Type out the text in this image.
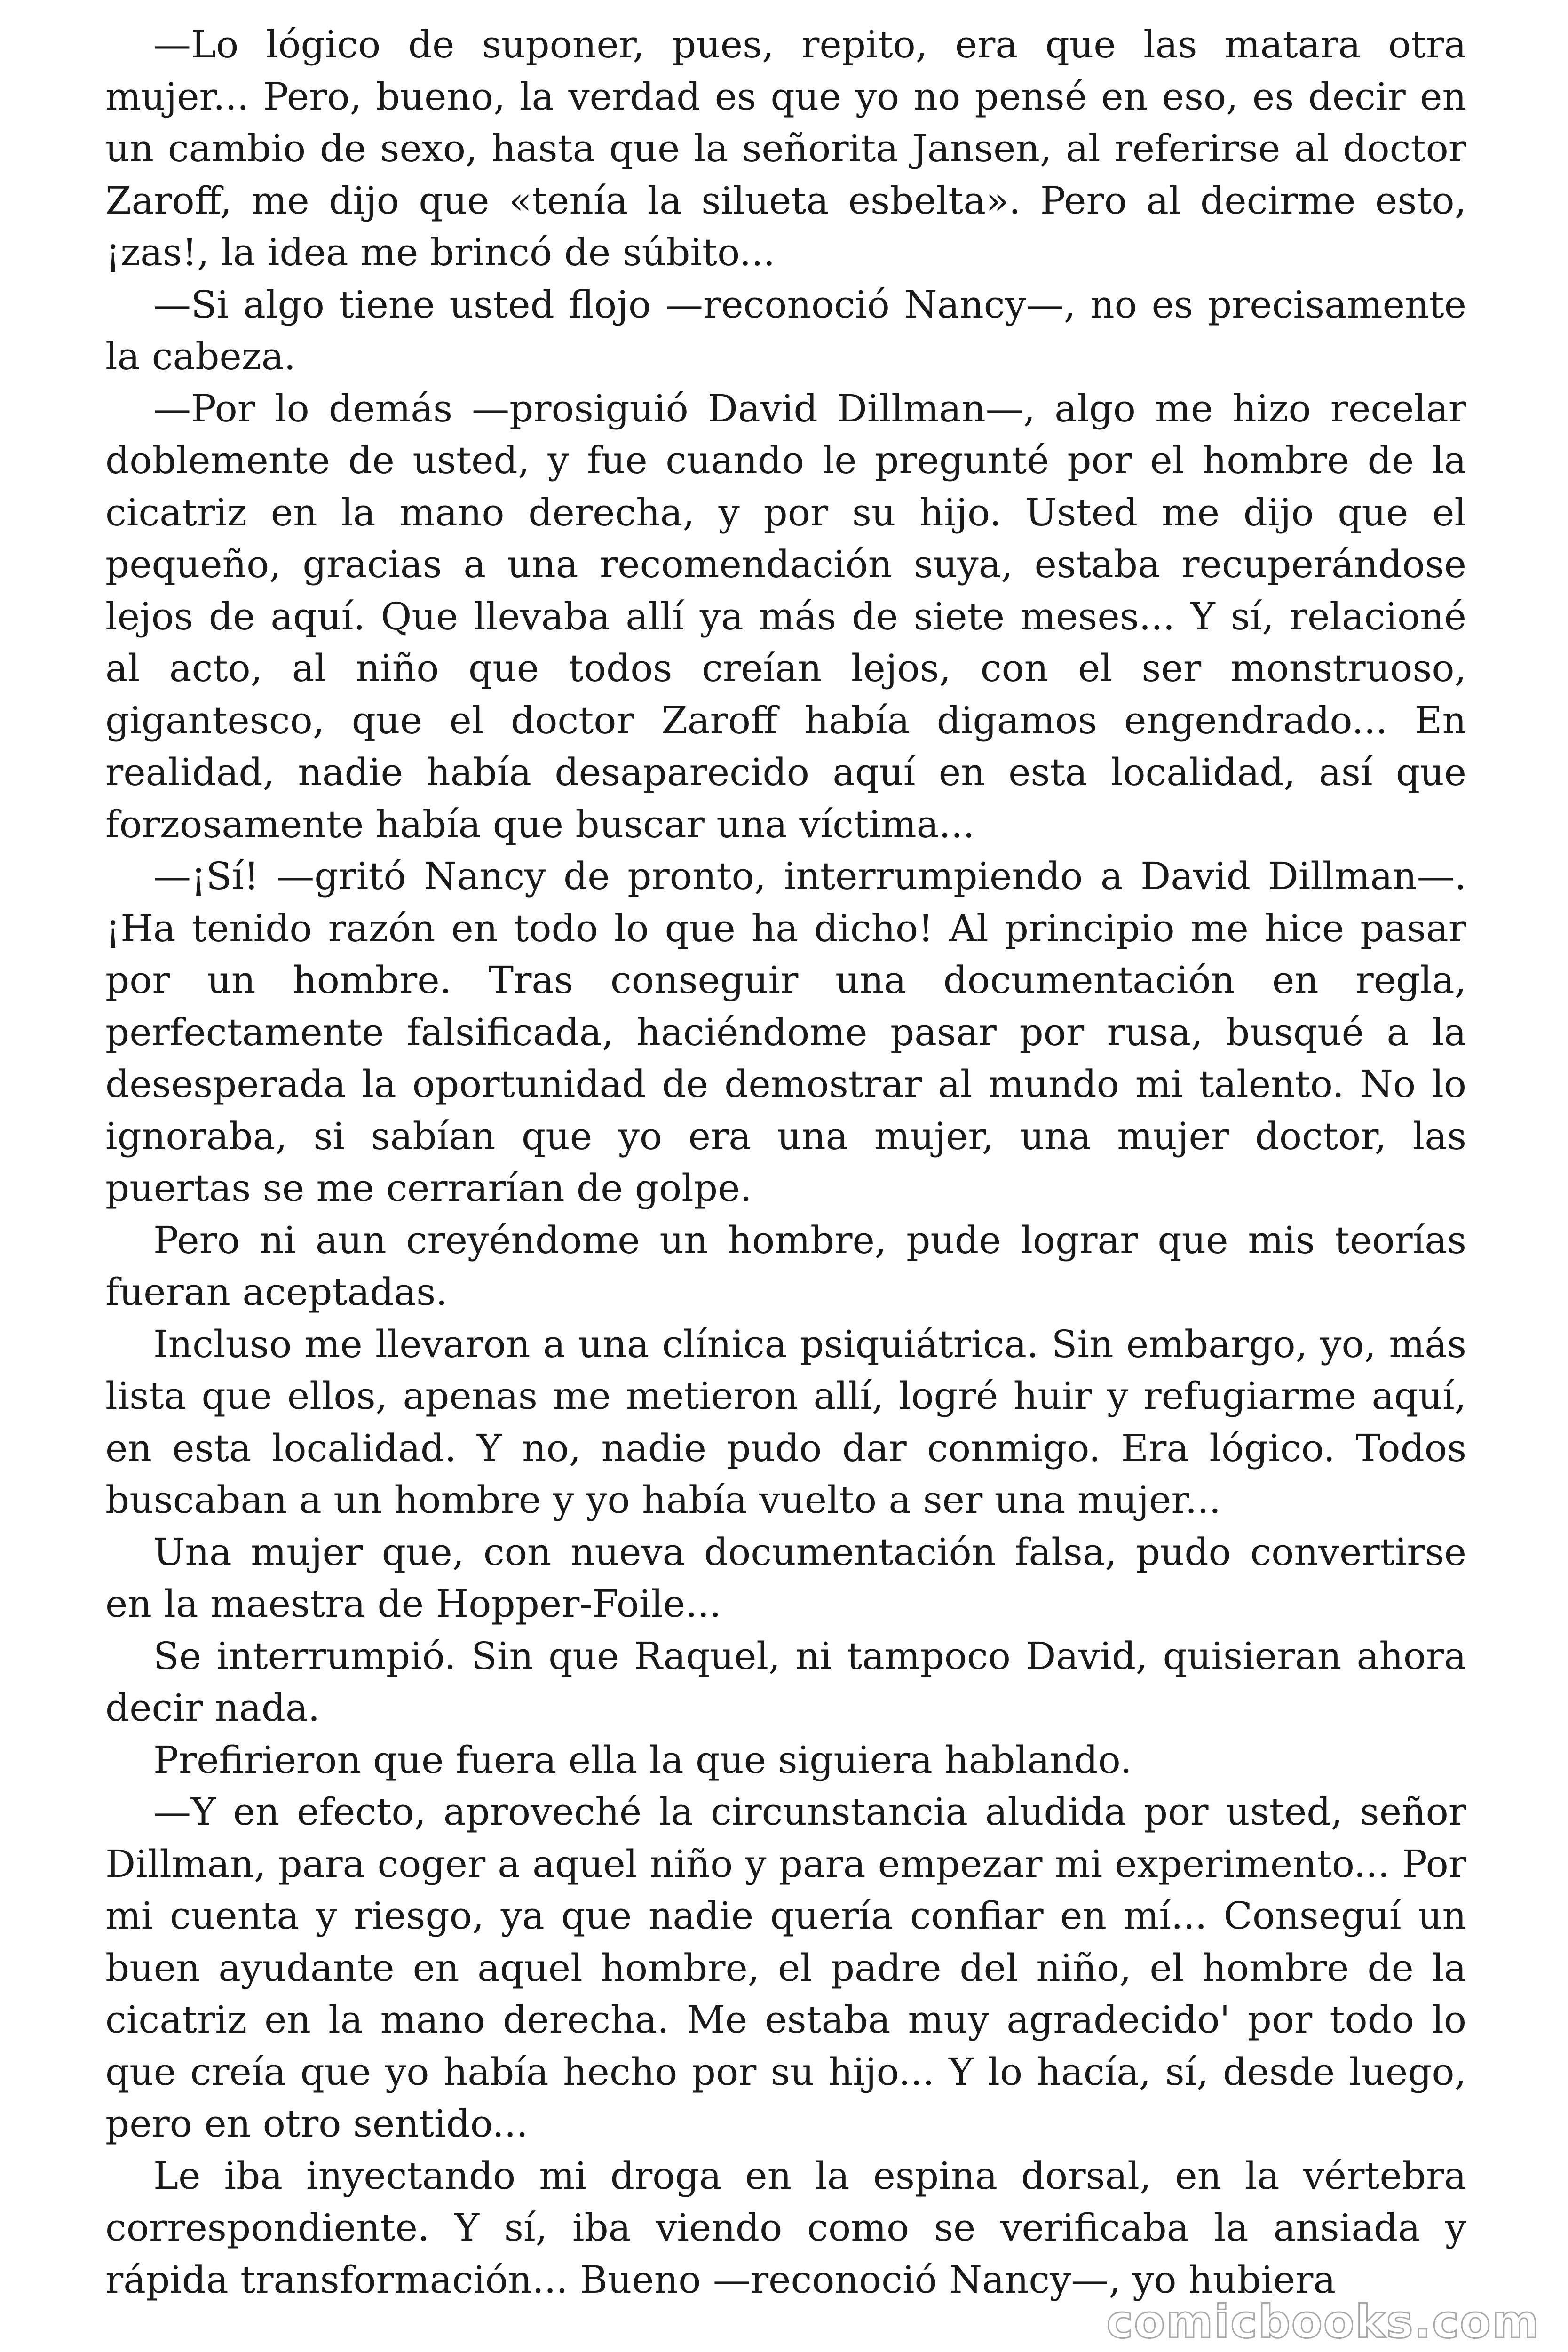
—Lo lógico de suponer, pues, repito, era que las matara otra mujer... Pero, bueno, la verdad es que yo no pensé en eso, es decir en un cambio de sexo, hasta que la señorita Jansen, al referirse al doctor Zaroff, me dijo que «tenía la silueta esbelta». Pero al decirme esto, ¡zas!, la idea me brincó de súbito...

—Si algo tiene usted flojo —reconoció Nancy—, no es precisamente la cabeza.

—Por lo demás —prosiguió David Dillman—, algo me hizo recelar doblemente de usted, y fue cuando le pregunté por el hombre de la cicatriz en la mano derecha, y por su hijo. Usted me dijo que el pequeño, gracias a una recomendación suya, estaba recuperándose lejos de aquí. Que llevaba allí ya más de siete meses... Y sí, relacioné al acto, al niño que todos creían lejos, con el ser monstruoso, gigantesco, que el doctor Zaroff había digamos engendrado... En realidad, nadie había desaparecido aquí en esta localidad, así que forzosamente había que buscar una víctima...

—¡Sí! —gritó Nancy de pronto, interrumpiendo a David Dillman—. ¡Ha tenido razón en todo lo que ha dicho! Al principio me hice pasar por un hombre. Tras conseguir una documentación en regla, perfectamente falsificada, haciéndome pasar por rusa, busqué a la desesperada la oportunidad de demostrar al mundo mi talento. No lo ignoraba, si sabían que yo era una mujer, una mujer doctor, las puertas se me cerrarían de golpe.

Pero ni aun creyéndome un hombre, pude lograr que mis teorías fueran aceptadas.

Incluso me llevaron a una clínica psiquiátrica. Sin embargo, yo, más lista que ellos, apenas me metieron allí, logré huir y refugiarme aquí, en esta localidad. Y no, nadie pudo dar conmigo. Era lógico. Todos buscaban a un hombre y yo había vuelto a ser una mujer...

Una mujer que, con nueva documentación falsa, pudo convertirse en la maestra de Hopper-Foile...

Se interrumpió. Sin que Raquel, ni tampoco David, quisieran ahora decir nada.

Prefirieron que fuera ella la que siguiera hablando.

—Y en efecto, aproveché la circunstancia aludida por usted, señor Dillman, para coger a aquel niño y para empezar mi experimento... Por mi cuenta y riesgo, ya que nadie quería confiar en mí... Conseguí un buen ayudante en aquel hombre, el padre del niño, el hombre de la cicatriz en la mano derecha. Me estaba muy agradecido' por todo lo que creía que yo había hecho por su hijo... Y lo hacía, sí, desde luego, pero en otro sentido...

Le iba inyectando mi droga en la espina dorsal, en la vértebra correspondiente. Y sí, iba viendo como se verificaba la ansiada y rápida transformación... Bueno —reconoció Nancy—, yo hubiera

comicbooks.com
